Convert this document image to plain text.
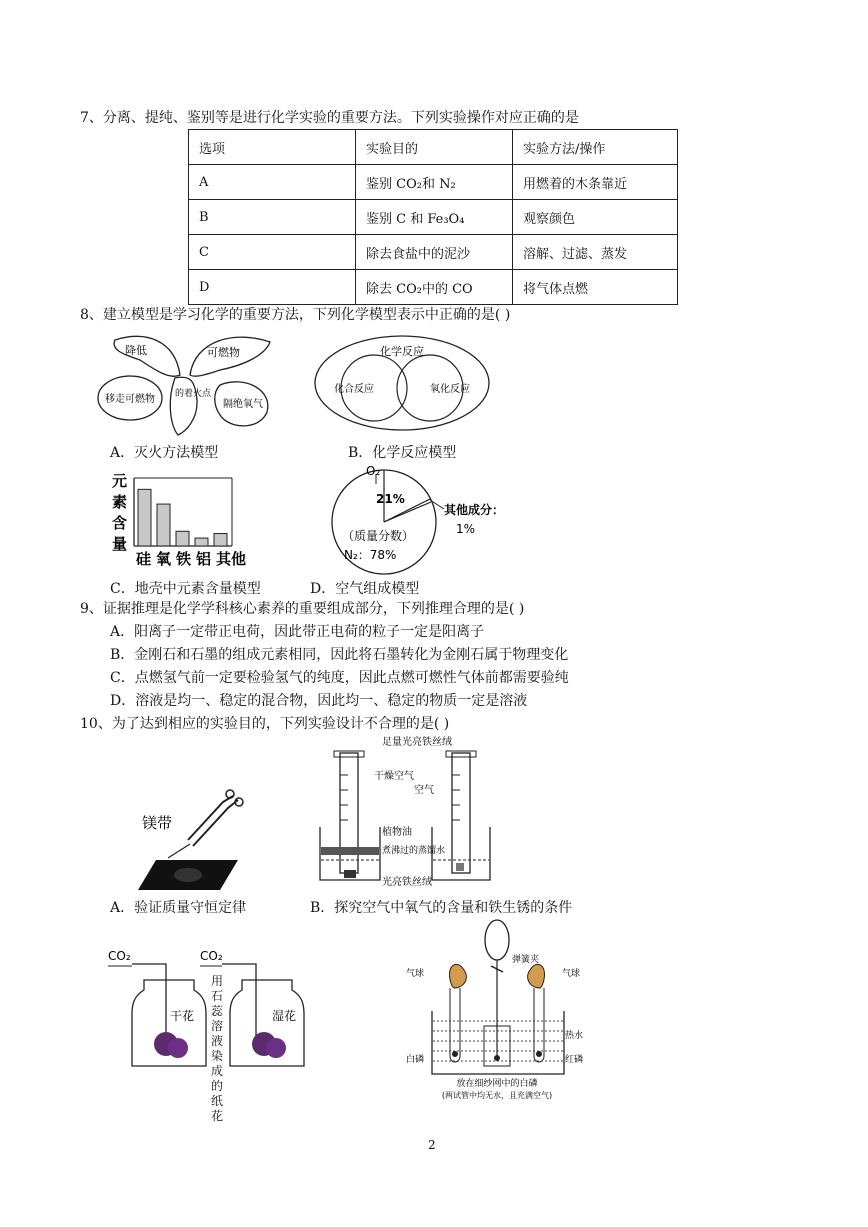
7、分离、提纯、鉴别等是进行化学实验的重要方法。下列实验操作对应正确的是
选项	实验目的	实验方法/操作
A	鉴别 CO₂和 N₂	用燃着的木条靠近
B	鉴别 C 和 Fe₃O₄	观察颜色
C	除去食盐中的泥沙	溶解、过滤、蒸发
D	除去 CO₂中的 CO	将气体点燃
8、建立模型是学习化学的重要方法，下列化学模型表示中正确的是( )
降低	可燃物
的着火点
移走可燃物	隔绝氧气
化学反应
化合反应	氧化反应
A．灭火方法模型	B．化学反应模型
元
素
含
量
硅 氧 铁 铝 其他
O₂
21%
其他成分：
1%
（质量分数）
N₂：78%
C．地壳中元素含量模型	D．空气组成模型
9、证据推理是化学学科核心素养的重要组成部分，下列推理合理的是( )
A．阳离子一定带正电荷，因此带正电荷的粒子一定是阳离子
B．金刚石和石墨的组成元素相同，因此将石墨转化为金刚石属于物理变化
C．点燃氢气前一定要检验氢气的纯度，因此点燃可燃性气体前都需要验纯
D．溶液是均一、稳定的混合物，因此均一、稳定的物质一定是溶液
10、为了达到相应的实验目的，下列实验设计不合理的是( )
镁带
足量光亮铁丝绒
干燥空气
空气
植物油
煮沸过的蒸馏水
光亮铁丝绒
A．验证质量守恒定律	B．探究空气中氧气的含量和铁生锈的条件
CO₂	CO₂
干花	湿花
用石蕊溶液染成的纸花
弹簧夹
气球	气球
热水
白磷	红磷
放在细纱网中的白磷
(两试管中均无水，且充满空气)
2
